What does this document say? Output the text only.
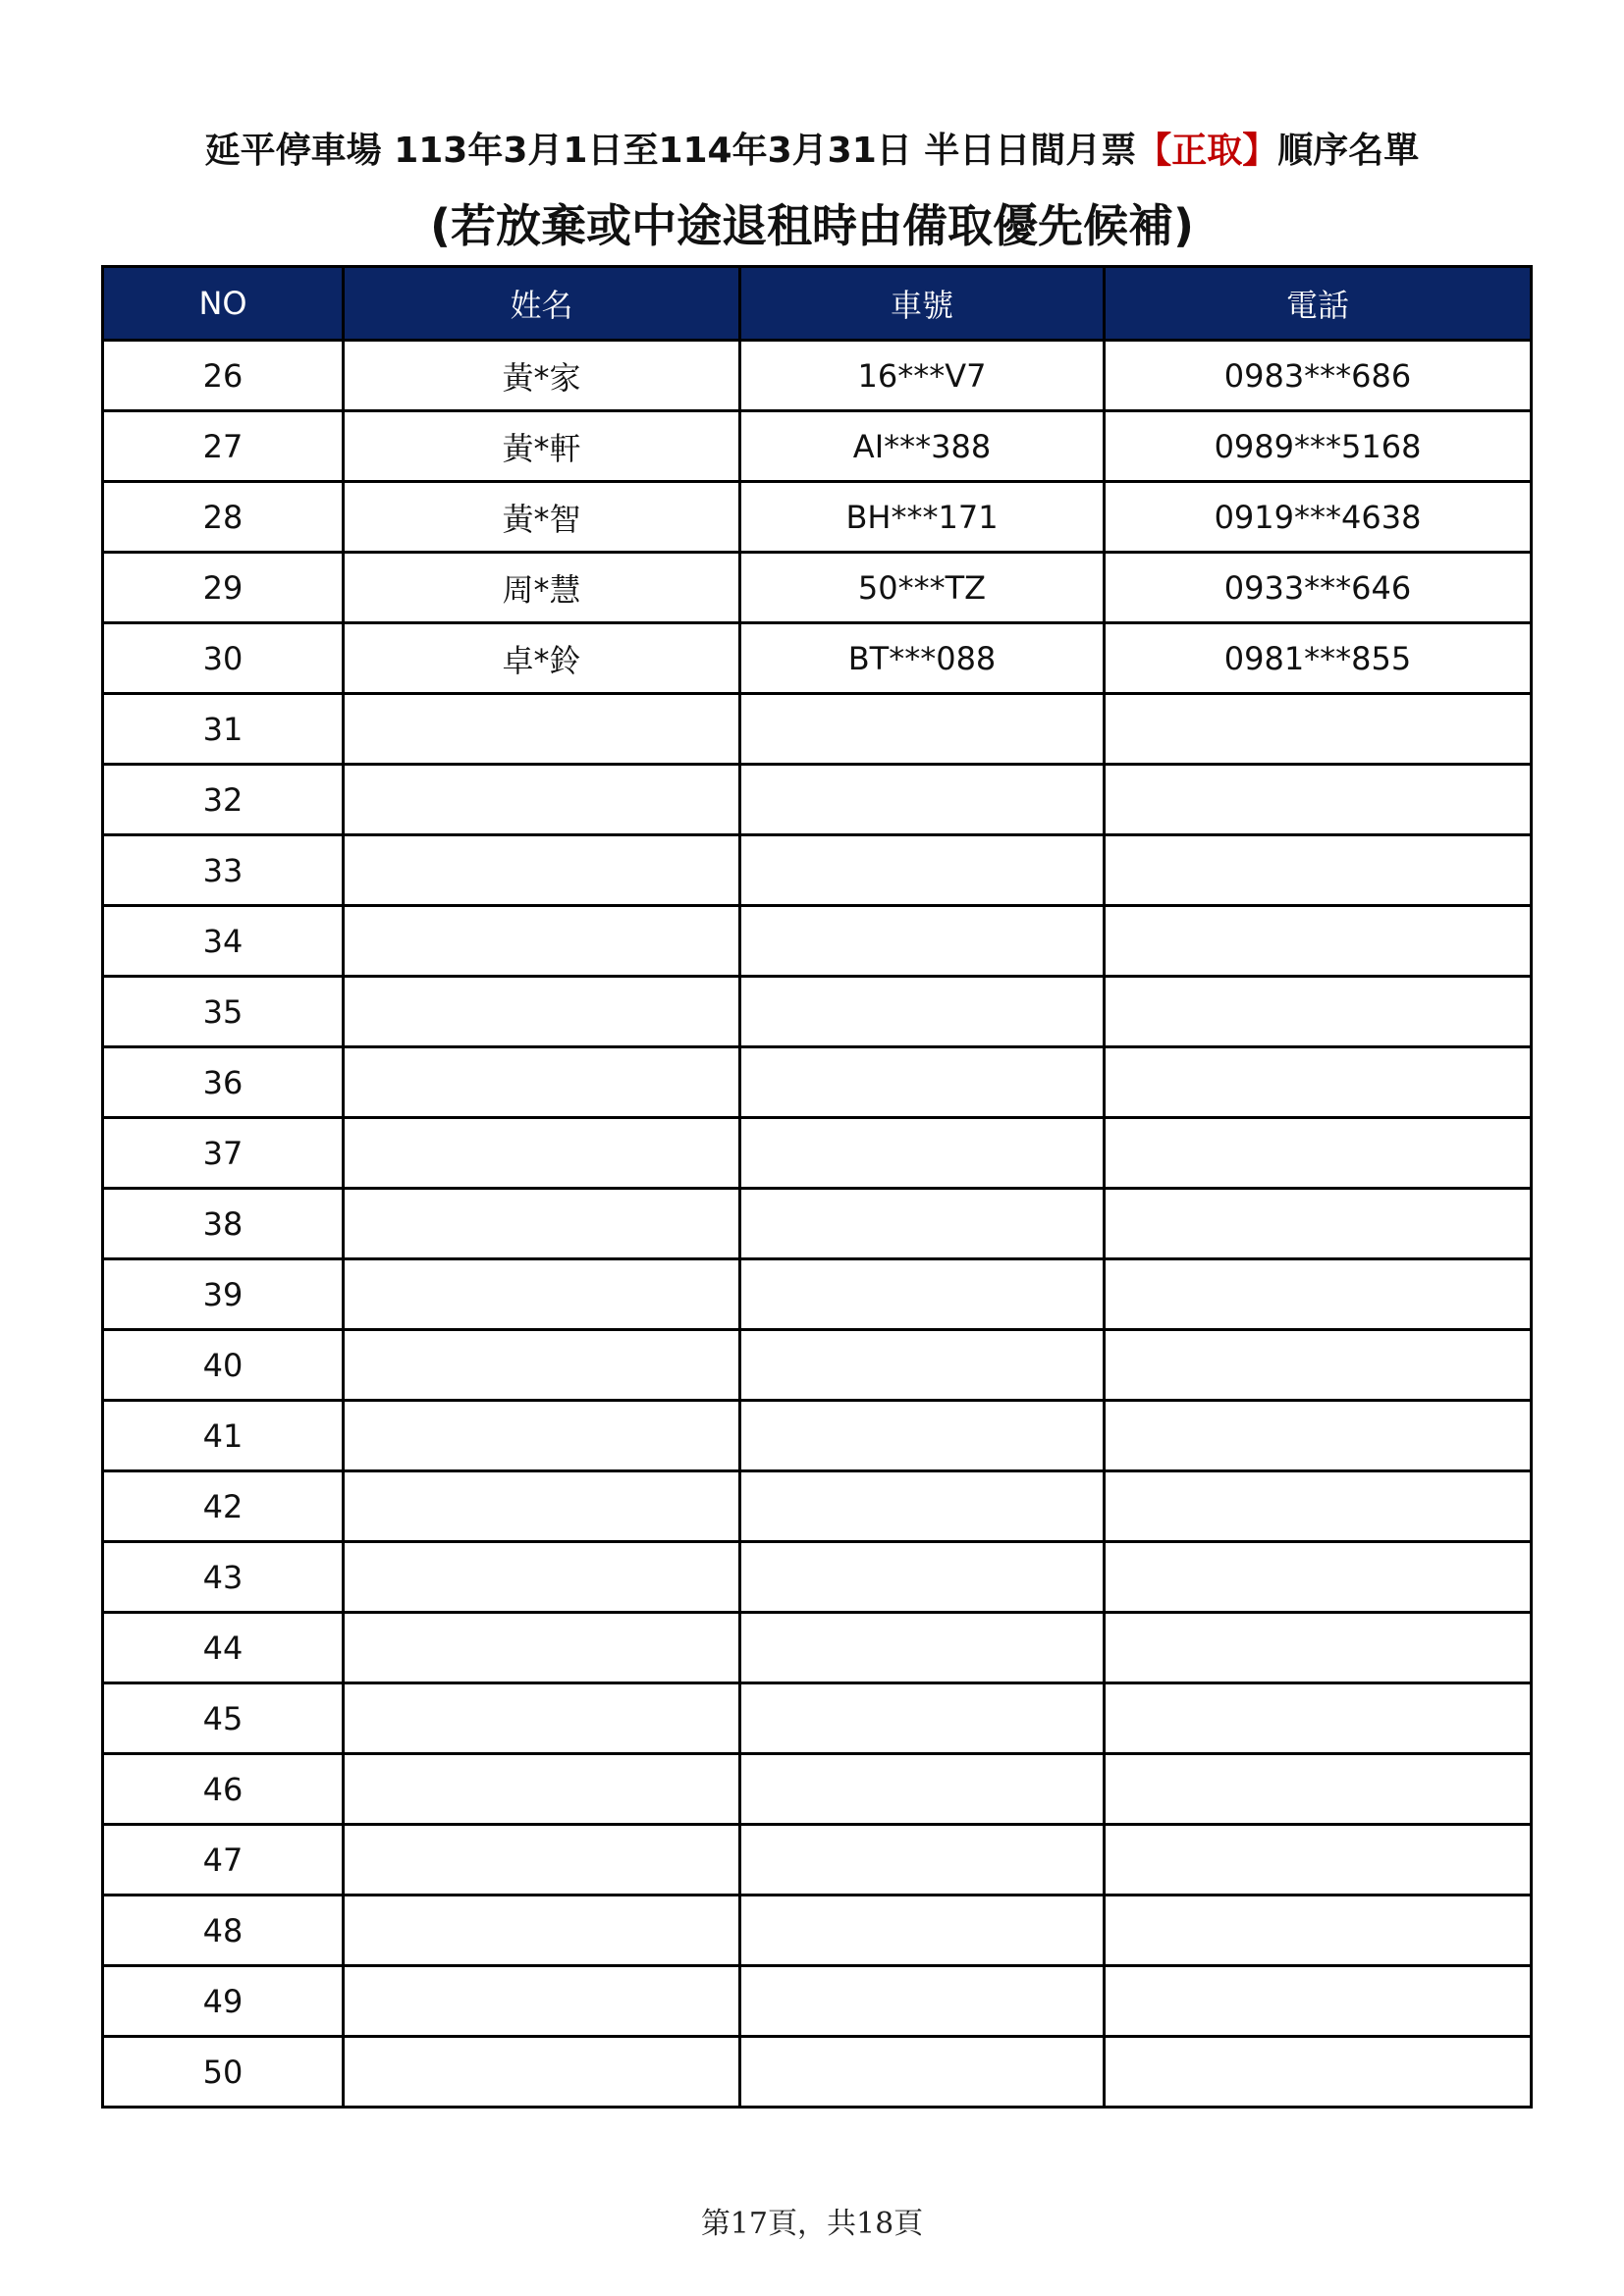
延平停車場 113年3月1日至114年3月31日 半日日間月票【正取】順序名單
(若放棄或中途退租時由備取優先候補)
NO	姓名	車號	電話
26	黃*家	16***V7	0983***686
27	黃*軒	AI***388	0989***5168
28	黃*智	BH***171	0919***4638
29	周*慧	50***TZ	0933***646
30	卓*鈴	BT***088	0981***855
31			
32			
33			
34			
35			
36			
37			
38			
39			
40			
41			
42			
43			
44			
45			
46			
47			
48			
49			
50			
第17頁，共18頁
